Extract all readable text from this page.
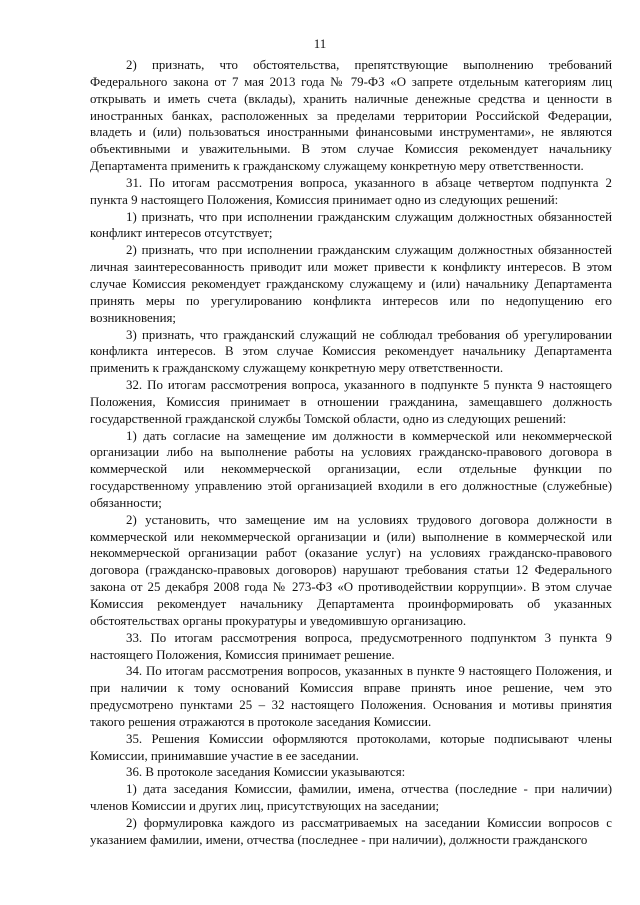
11

2) признать, что обстоятельства, препятствующие выполнению требований Федерального закона от 7 мая 2013 года № 79-ФЗ «О запрете отдельным категориям лиц открывать и иметь счета (вклады), хранить наличные денежные средства и ценности в иностранных банках, расположенных за пределами территории Российской Федерации, владеть и (или) пользоваться иностранными финансовыми инструментами», не являются объективными и уважительными. В этом случае Комиссия рекомендует начальнику Департамента применить к гражданскому служащему конкретную меру ответственности.

31. По итогам рассмотрения вопроса, указанного в абзаце четвертом подпункта 2 пункта 9 настоящего Положения, Комиссия принимает одно из следующих решений:

1) признать, что при исполнении гражданским служащим должностных обязанностей конфликт интересов отсутствует;

2) признать, что при исполнении гражданским служащим должностных обязанностей личная заинтересованность приводит или может привести к конфликту интересов. В этом случае Комиссия рекомендует гражданскому служащему и (или) начальнику Департамента принять меры по урегулированию конфликта интересов или по недопущению его возникновения;

3) признать, что гражданский служащий не соблюдал требования об урегулировании конфликта интересов. В этом случае Комиссия рекомендует начальнику Департамента применить к гражданскому служащему конкретную меру ответственности.

32. По итогам рассмотрения вопроса, указанного в подпункте 5 пункта 9 настоящего Положения, Комиссия принимает в отношении гражданина, замещавшего должность государственной гражданской службы Томской области, одно из следующих решений:

1) дать согласие на замещение им должности в коммерческой или некоммерческой организации либо на выполнение работы на условиях гражданско-правового договора в коммерческой или некоммерческой организации, если отдельные функции по государственному управлению этой организацией входили в его должностные (служебные) обязанности;

2) установить, что замещение им на условиях трудового договора должности в коммерческой или некоммерческой организации и (или) выполнение в коммерческой или некоммерческой организации работ (оказание услуг) на условиях гражданско-правового договора (гражданско-правовых договоров) нарушают требования статьи 12 Федерального закона от 25 декабря 2008 года № 273-ФЗ «О противодействии коррупции». В этом случае Комиссия рекомендует начальнику Департамента проинформировать об указанных обстоятельствах органы прокуратуры и уведомившую организацию.

33. По итогам рассмотрения вопроса, предусмотренного подпунктом 3 пункта 9 настоящего Положения, Комиссия принимает решение.

34. По итогам рассмотрения вопросов, указанных в пункте 9 настоящего Положения, и при наличии к тому оснований Комиссия вправе принять иное решение, чем это предусмотрено пунктами 25 – 32 настоящего Положения. Основания и мотивы принятия такого решения отражаются в протоколе заседания Комиссии.

35. Решения Комиссии оформляются протоколами, которые подписывают члены Комиссии, принимавшие участие в ее заседании.

36. В протоколе заседания Комиссии указываются:

1) дата заседания Комиссии, фамилии, имена, отчества (последние - при наличии) членов Комиссии и других лиц, присутствующих на заседании;

2) формулировка каждого из рассматриваемых на заседании Комиссии вопросов с указанием фамилии, имени, отчества (последнее - при наличии), должности гражданского
